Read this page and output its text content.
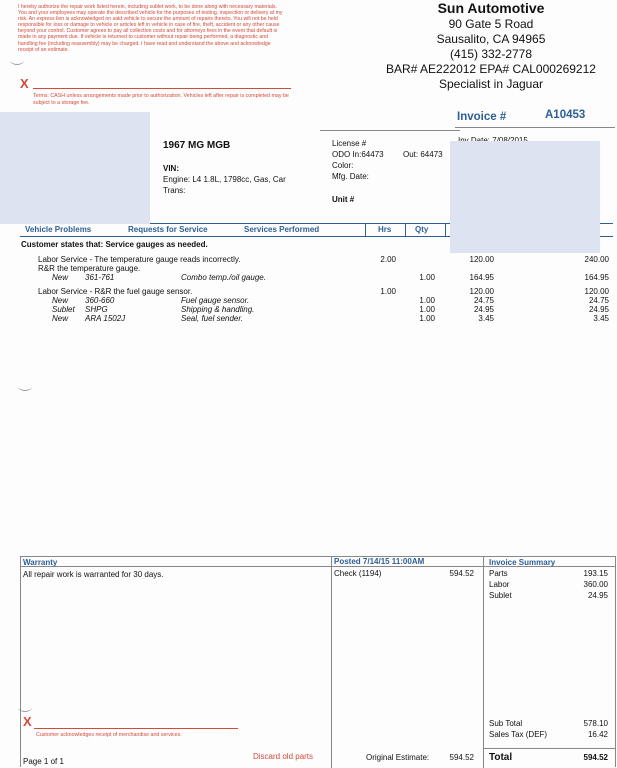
I hereby authorize the repair work listed herein, including sublet work, to be done along with necessary materials. You and your employees may operate the described vehicle for the purposes of testing, inspection or delivery at my risk. An express lien is acknowledged on said vehicle to secure the amount of repairs thereto. You will not be held responsible for loss or damage to vehicle or articles left in vehicle in case of fire, theft, accident or any other cause beyond your control. Customer agrees to pay all collection costs and for attorneys fees in the event that default is made in any payment due. If vehicle is returned to customer without repair being performed, a diagnostic and handling fee (including reassembly) may be charged. I have read and understand the above and acknowledge receipt of an estimate.
X
Terms: CASH unless arrangements made prior to authorization. Vehicles left after repair is completed may be subject to a storage fee.
Sun Automotive
90 Gate 5 Road
Sausalito, CA 94965
(415) 332-2778
BAR# AE222012 EPA# CAL000269212
Specialist in Jaguar
Invoice #	A10453
1967 MG MGB
VIN:
Engine: L4 1.8L, 1798cc, Gas, Car
Trans:
License #
ODO In:64473 Out: 64473
Color:
Mfg. Date:
Unit #
Vehicle Problems	Requests for Service	Services Performed	Hrs	Qty
Customer states that: Service gauges as needed.
Labor Service - The temperature gauge reads incorrectly.
R&R the temperature gauge.
2.00	120.00	240.00
New 361-761	Combo temp./oil gauge.	1.00	164.95	164.95
Labor Service - R&R the fuel gauge sensor.	1.00	120.00	120.00
New 360-660	Fuel gauge sensor.	1.00	24.75	24.75
Sublet SHPG	Shipping & handling.	1.00	24.95	24.95
New ARA 1502J	Seal, fuel sender.	1.00	3.45	3.45
Warranty
All repair work is warranted for 30 days.
Posted 7/14/15 11:00AM
Check (1194)	594.52
Invoice Summary
Parts	193.15
Labor	360.00
Sublet	24.95
Sub Total	578.10
Sales Tax (DEF)	16.42
Total	594.52
X
Customer acknowledges receipt of merchandise and services.
Page 1 of 1
Discard old parts	Original Estimate:	594.52
